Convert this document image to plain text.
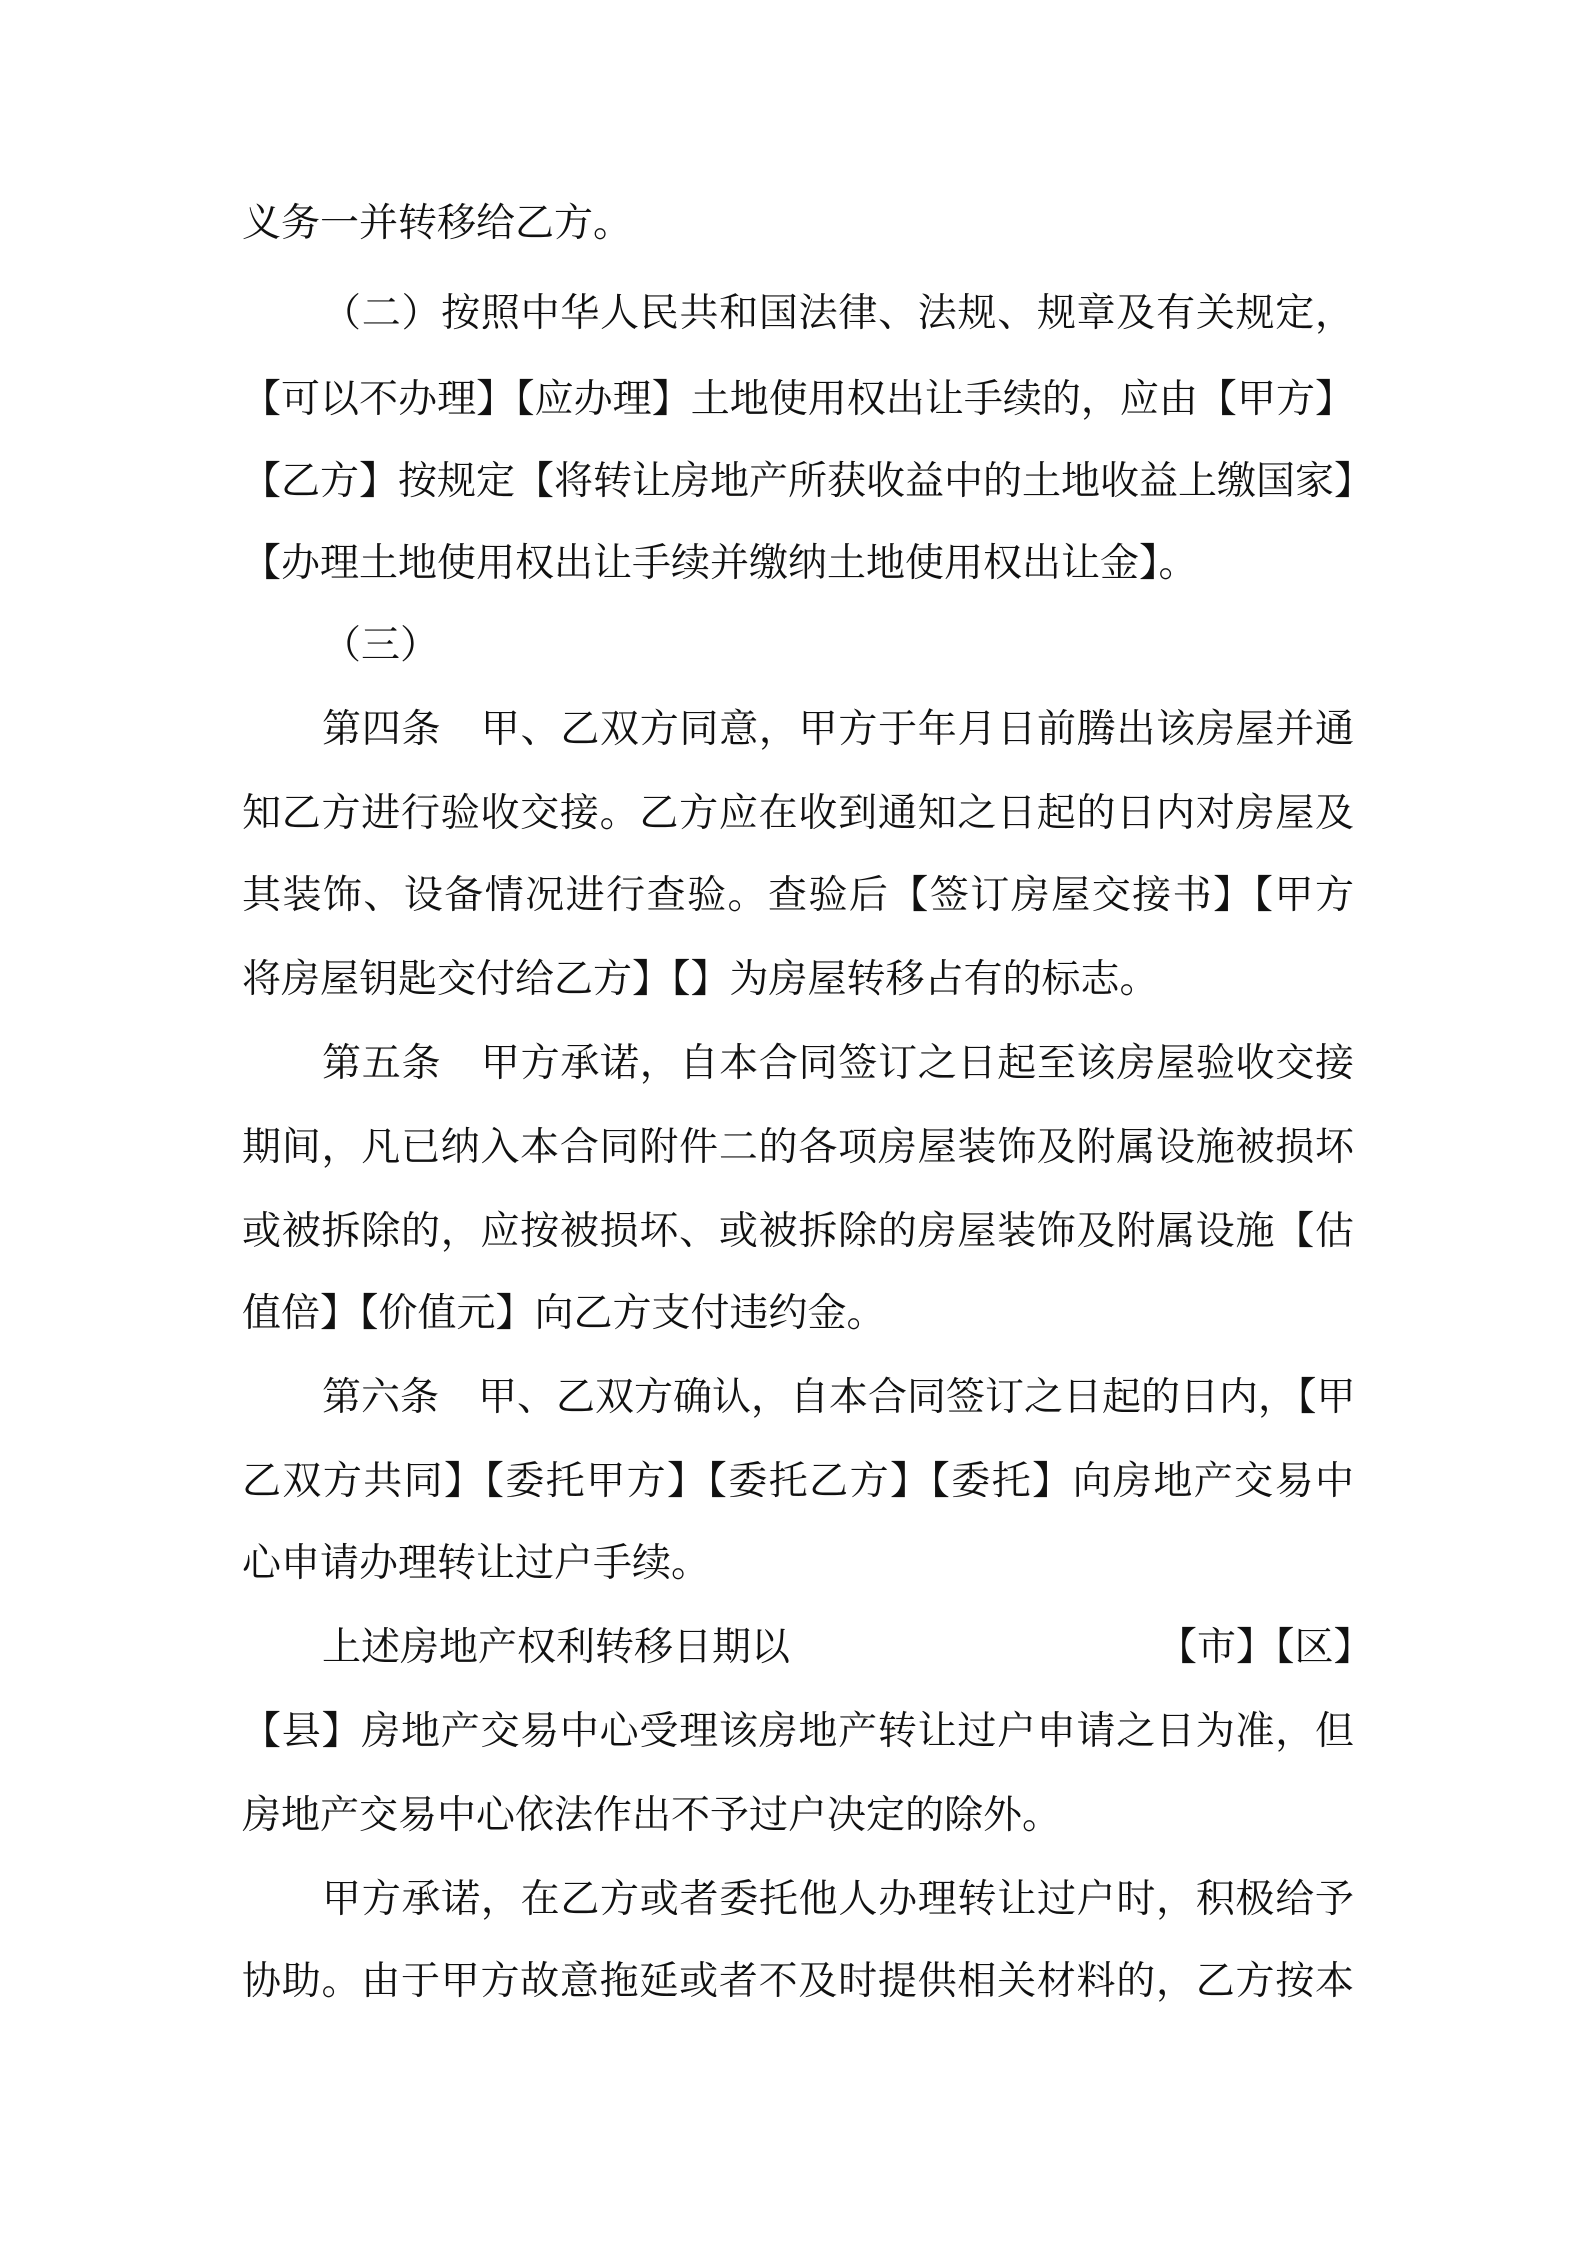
义务一并转移给乙方。
（二）按照中华人民共和国法律、法规、规章及有关规定，
【可以不办理】【应办理】土地使用权出让手续的，应由【甲方】
【乙方】按规定【将转让房地产所获收益中的土地收益上缴国家】
【办理土地使用权出让手续并缴纳土地使用权出让金】。
（三）
第四条　甲、乙双方同意，甲方于年月日前腾出该房屋并通
知乙方进行验收交接。乙方应在收到通知之日起的日内对房屋及
其装饰、设备情况进行查验。查验后【签订房屋交接书】【甲方
将房屋钥匙交付给乙方】【】为房屋转移占有的标志。
第五条　甲方承诺，自本合同签订之日起至该房屋验收交接
期间，凡已纳入本合同附件二的各项房屋装饰及附属设施被损坏
或被拆除的，应按被损坏、或被拆除的房屋装饰及附属设施【估
值倍】【价值元】向乙方支付违约金。
第六条　甲、乙双方确认，自本合同签订之日起的日内，【甲
乙双方共同】【委托甲方】【委托乙方】【委托】向房地产交易中
心申请办理转让过户手续。
上述房地产权利转移日期以	【市】【区】
【县】房地产交易中心受理该房地产转让过户申请之日为准，但
房地产交易中心依法作出不予过户决定的除外。
甲方承诺，在乙方或者委托他人办理转让过户时，积极给予
协助。由于甲方故意拖延或者不及时提供相关材料的，乙方按本
